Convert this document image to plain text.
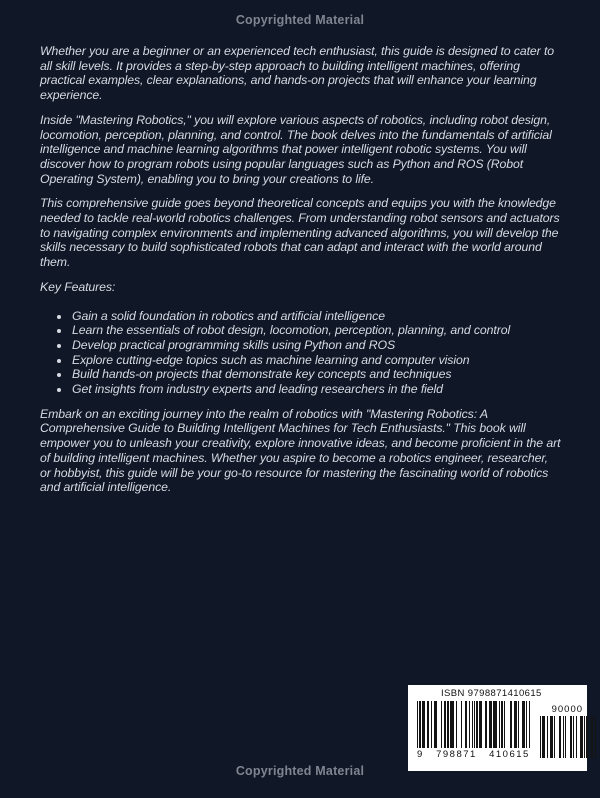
Copyrighted Material

Whether you are a beginner or an experienced tech enthusiast, this guide is designed to cater to all skill levels. It provides a step-by-step approach to building intelligent machines, offering practical examples, clear explanations, and hands-on projects that will enhance your learning experience.

Inside "Mastering Robotics," you will explore various aspects of robotics, including robot design, locomotion, perception, planning, and control. The book delves into the fundamentals of artificial intelligence and machine learning algorithms that power intelligent robotic systems. You will discover how to program robots using popular languages such as Python and ROS (Robot Operating System), enabling you to bring your creations to life.

This comprehensive guide goes beyond theoretical concepts and equips you with the knowledge needed to tackle real-world robotics challenges. From understanding robot sensors and actuators to navigating complex environments and implementing advanced algorithms, you will develop the skills necessary to build sophisticated robots that can adapt and interact with the world around them.

Key Features:

• Gain a solid foundation in robotics and artificial intelligence
• Learn the essentials of robot design, locomotion, perception, planning, and control
• Develop practical programming skills using Python and ROS
• Explore cutting-edge topics such as machine learning and computer vision
• Build hands-on projects that demonstrate key concepts and techniques
• Get insights from industry experts and leading researchers in the field

Embark on an exciting journey into the realm of robotics with "Mastering Robotics: A Comprehensive Guide to Building Intelligent Machines for Tech Enthusiasts." This book will empower you to unleash your creativity, explore innovative ideas, and become proficient in the art of building intelligent machines. Whether you aspire to become a robotics engineer, researcher, or hobbyist, this guide will be your go-to resource for mastering the fascinating world of robotics and artificial intelligence.

ISBN 9798871410615
9 798871 410615
90000
Copyrighted Material
